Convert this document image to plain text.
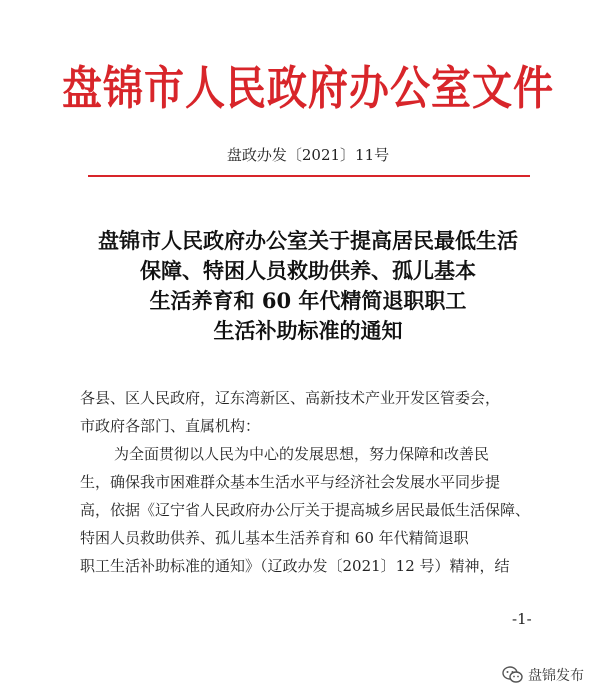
盘锦市人民政府办公室文件
盘政办发〔2021〕11号
盘锦市人民政府办公室关于提高居民最低生活
保障、特困人员救助供养、孤儿基本
生活养育和 60 年代精简退职职工
生活补助标准的通知
各县、区人民政府，辽东湾新区、高新技术产业开发区管委会，
市政府各部门、直属机构：
为全面贯彻以人民为中心的发展思想，努力保障和改善民
生，确保我市困难群众基本生活水平与经济社会发展水平同步提
高，依据《辽宁省人民政府办公厅关于提高城乡居民最低生活保障、
特困人员救助供养、孤儿基本生活养育和 60 年代精简退职
职工生活补助标准的通知》（辽政办发〔2021〕12 号）精神，结
-1-
盘锦发布
